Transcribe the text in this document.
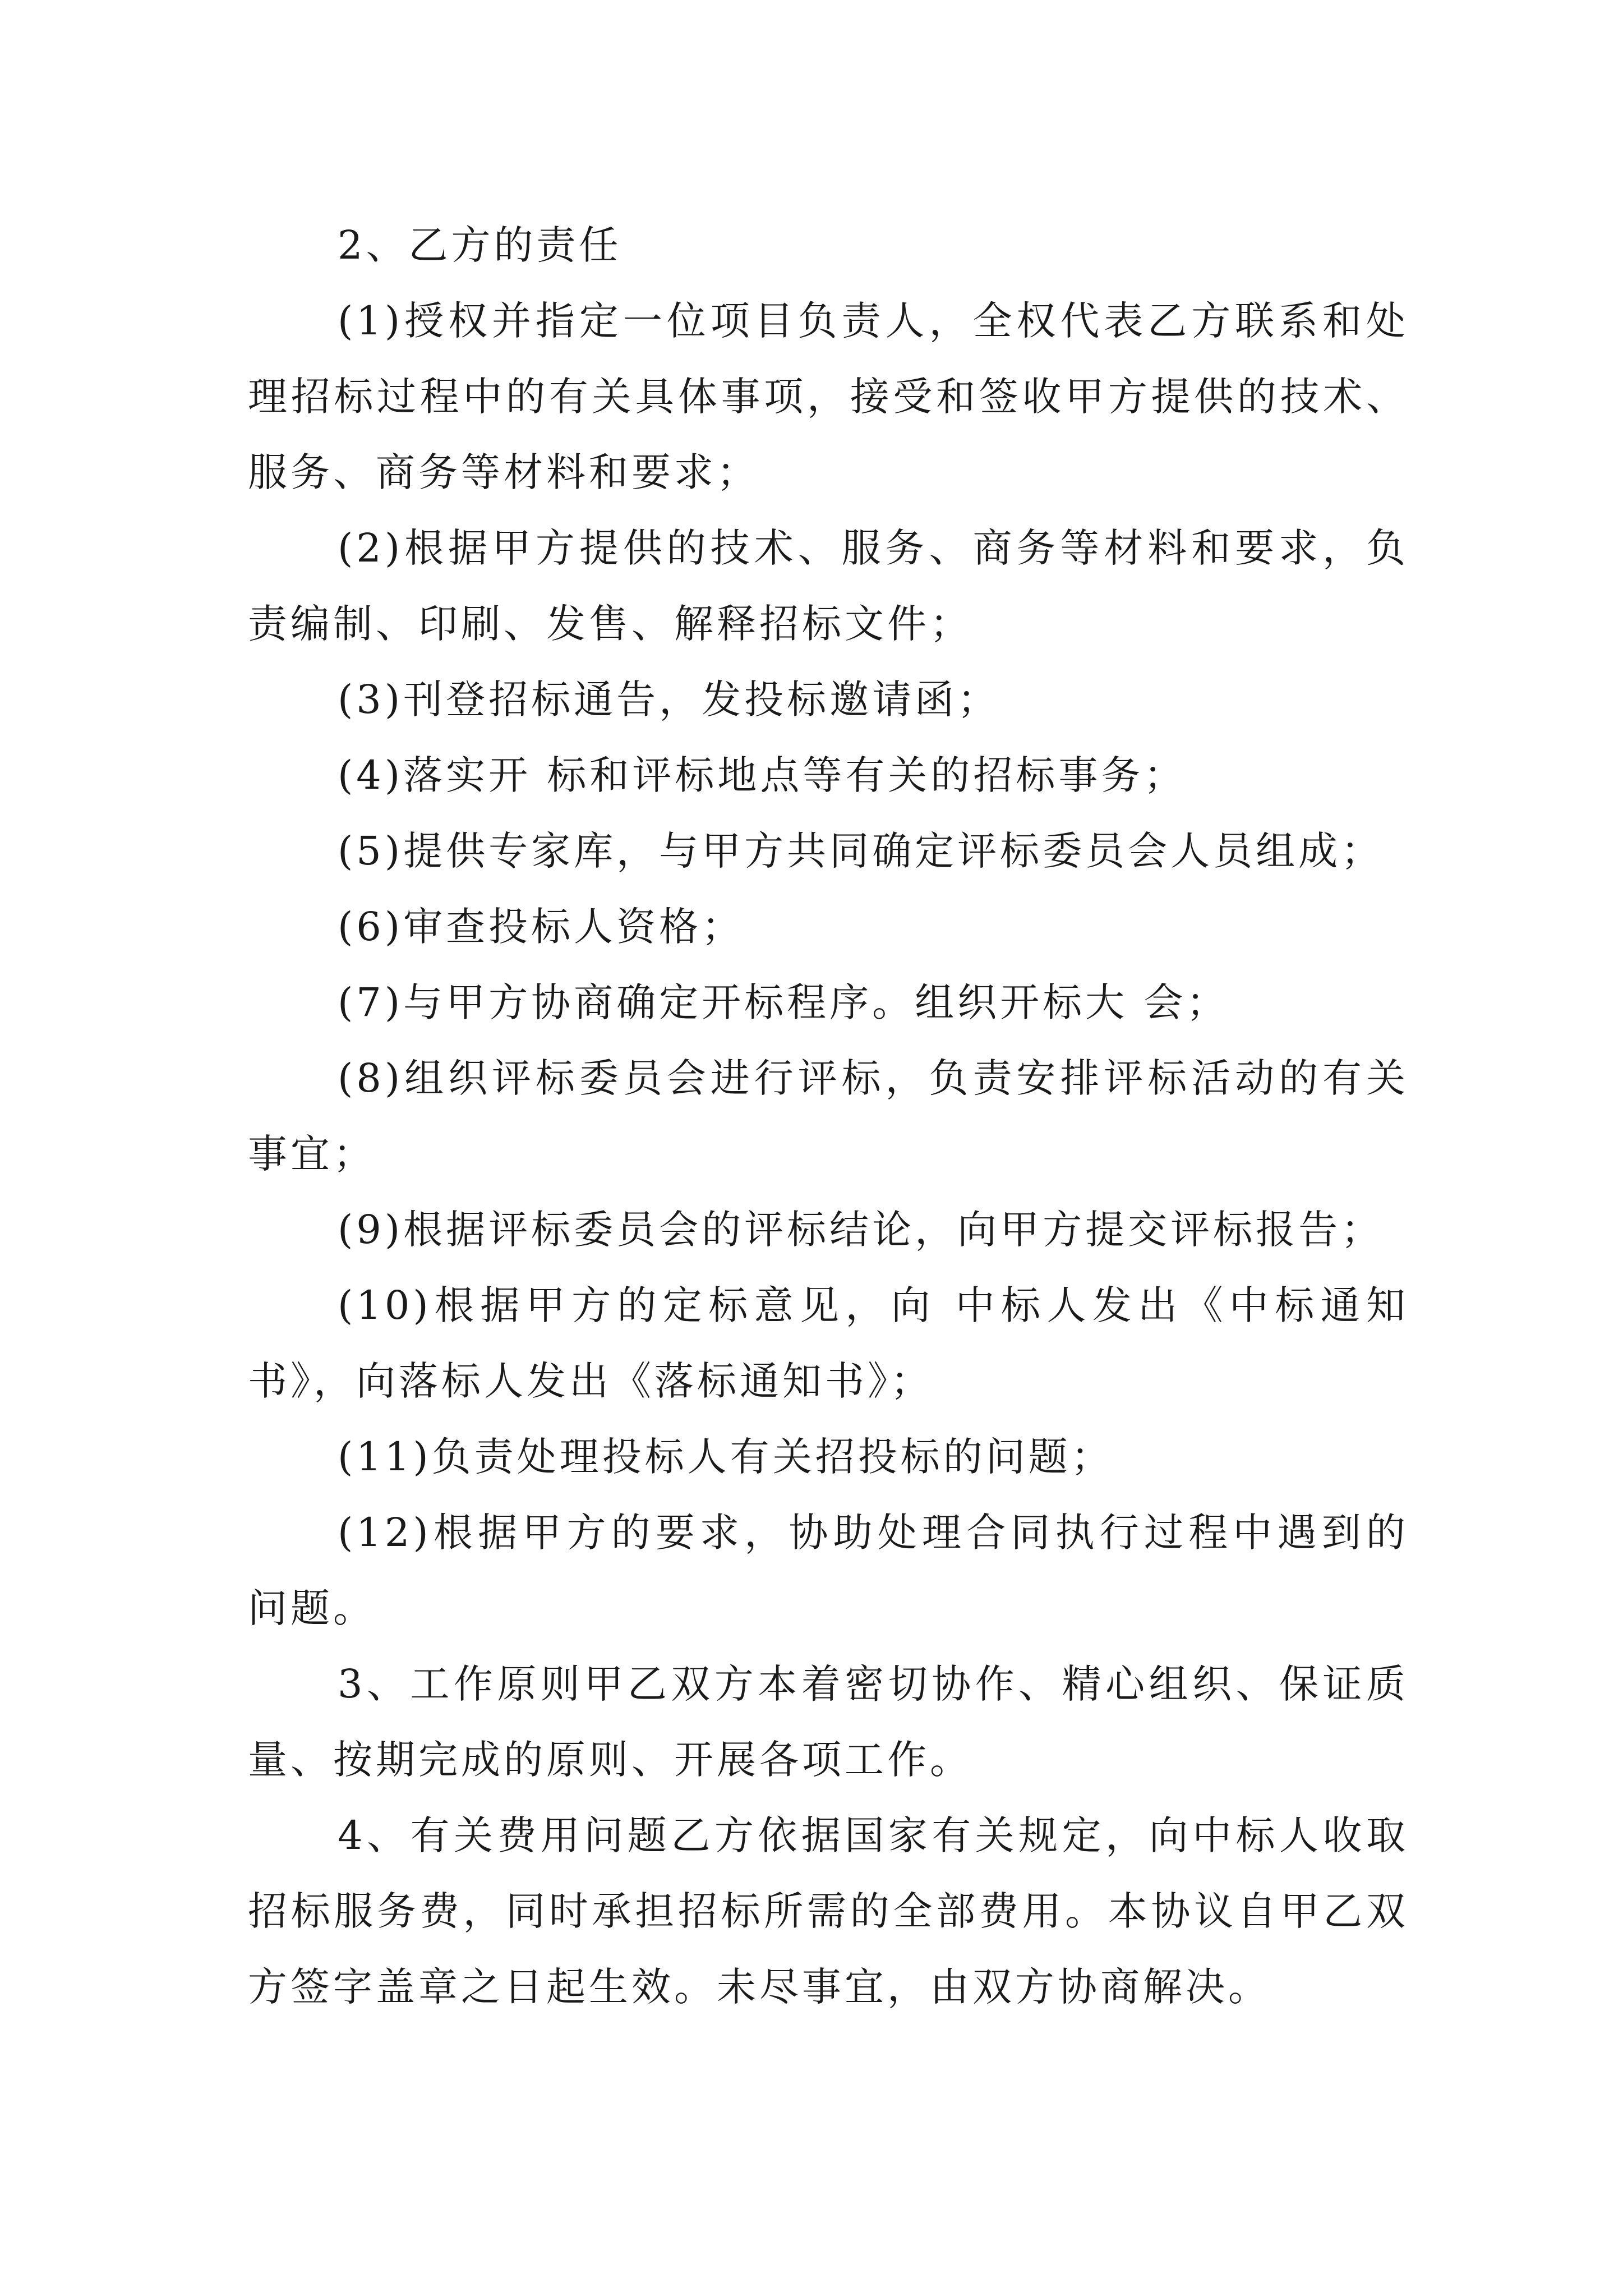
2、乙方的责任

(1)授权并指定一位项目负责人，全权代表乙方联系和处理招标过程中的有关具体事项，接受和签收甲方提供的技术、服务、商务等材料和要求；

(2)根据甲方提供的技术、服务、商务等材料和要求，负责编制、印刷、发售、解释招标文件；

(3)刊登招标通告，发投标邀请函；

(4)落实开 标和评标地点等有关的招标事务；

(5)提供专家库，与甲方共同确定评标委员会人员组成；

(6)审查投标人资格；

(7)与甲方协商确定开标程序。组织开标大 会；

(8)组织评标委员会进行评标，负责安排评标活动的有关事宜；

(9)根据评标委员会的评标结论，向甲方提交评标报告；

(10)根据甲方的定标意见，向 中标人发出《中标通知书》，向落标人发出《落标通知书》；

(11)负责处理投标人有关招投标的问题；

(12)根据甲方的要求，协助处理合同执行过程中遇到的问题。

3、工作原则甲乙双方本着密切协作、精心组织、保证质量、按期完成的原则、开展各项工作。

4、有关费用问题乙方依据国家有关规定，向中标人收取招标服务费，同时承担招标所需的全部费用。本协议自甲乙双方签字盖章之日起生效。未尽事宜，由双方协商解决。
